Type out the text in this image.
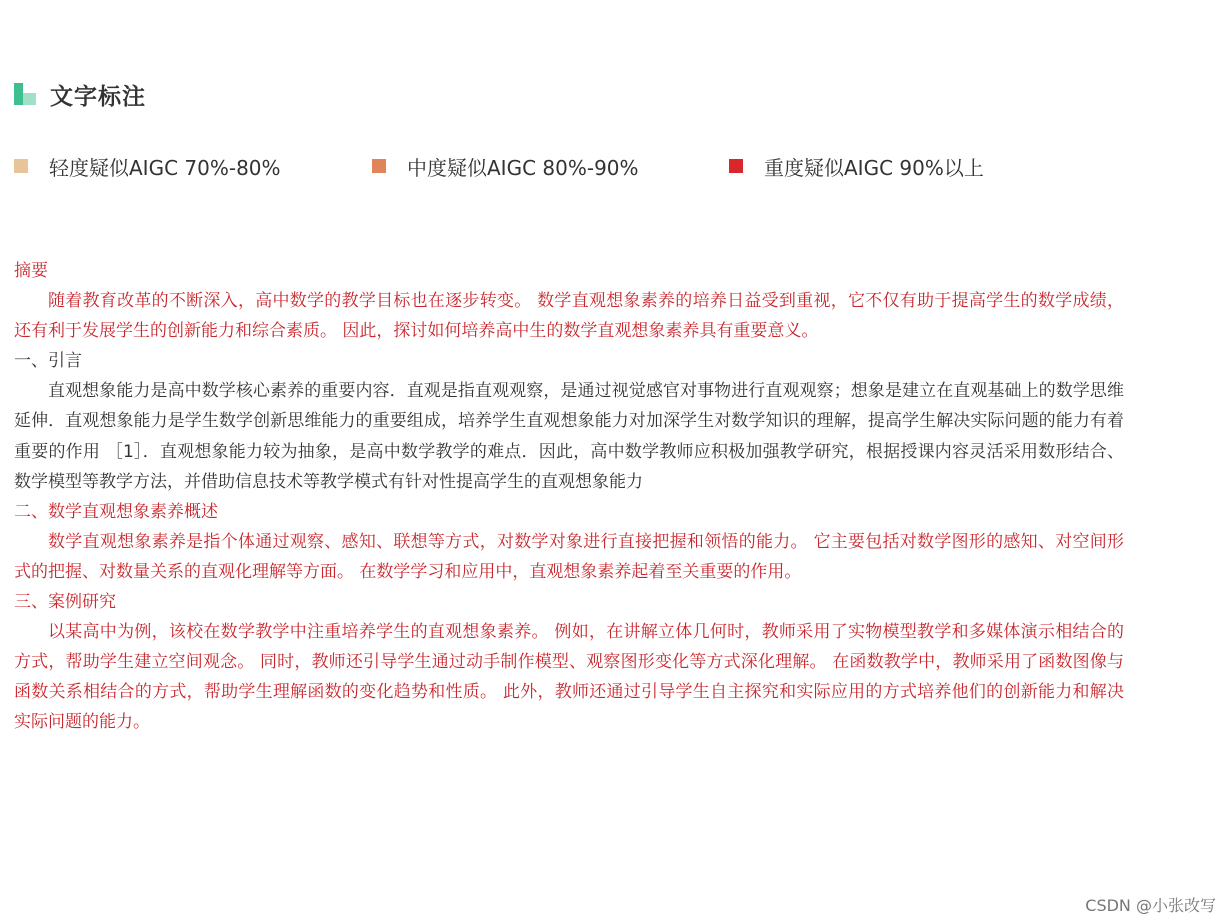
文字标注
轻度疑似AIGC 70%-80%	中度疑似AIGC 80%-90%	重度疑似AIGC 90%以上

摘要

随着教育改革的不断深入，高中数学的教学目标也在逐步转变。 数学直观想象素养的培养日益受到重视，它不仅有助于提高学生的数学成绩，还有利于发展学生的创新能力和综合素质。 因此，探讨如何培养高中生的数学直观想象素养具有重要意义。

一、引言

直观想象能力是高中数学核心素养的重要内容．直观是指直观观察，是通过视觉感官对事物进行直观观察；想象是建立在直观基础上的数学思维延伸．直观想象能力是学生数学创新思维能力的重要组成，培养学生直观想象能力对加深学生对数学知识的理解，提高学生解决实际问题的能力有着重要的作用 ［1］．直观想象能力较为抽象，是高中数学教学的难点．因此，高中数学教师应积极加强教学研究，根据授课内容灵活采用数形结合、数学模型等教学方法，并借助信息技术等教学模式有针对性提高学生的直观想象能力

二、数学直观想象素养概述

数学直观想象素养是指个体通过观察、感知、联想等方式，对数学对象进行直接把握和领悟的能力。 它主要包括对数学图形的感知、对空间形式的把握、对数量关系的直观化理解等方面。 在数学学习和应用中，直观想象素养起着至关重要的作用。

三、案例研究

以某高中为例，该校在数学教学中注重培养学生的直观想象素养。 例如，在讲解立体几何时，教师采用了实物模型教学和多媒体演示相结合的方式，帮助学生建立空间观念。 同时，教师还引导学生通过动手制作模型、观察图形变化等方式深化理解。 在函数教学中，教师采用了函数图像与函数关系相结合的方式，帮助学生理解函数的变化趋势和性质。 此外，教师还通过引导学生自主探究和实际应用的方式培养他们的创新能力和解决实际问题的能力。

CSDN @小张改写
